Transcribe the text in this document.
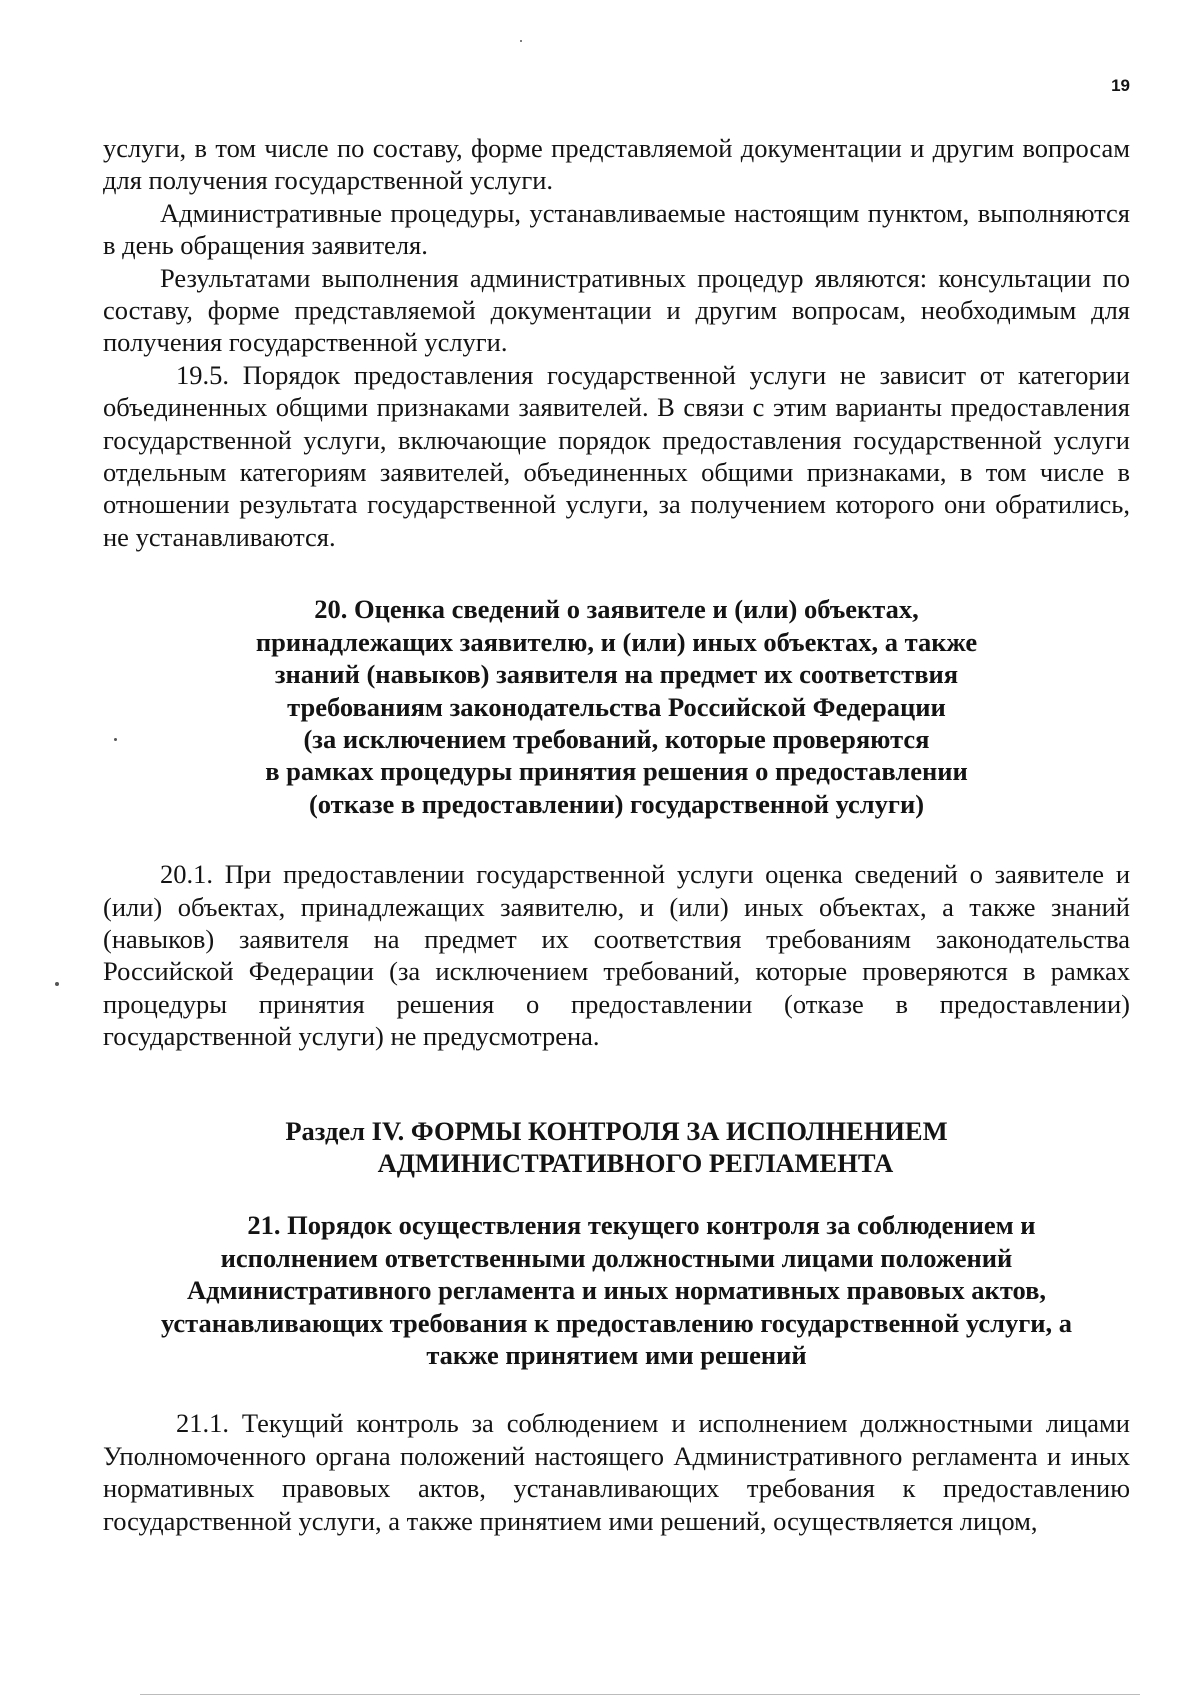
19

услуги, в том числе по составу, форме представляемой документации и другим вопросам для получения государственной услуги.

Административные процедуры, устанавливаемые настоящим пунктом, выполняются в день обращения заявителя.

Результатами выполнения административных процедур являются: консультации по составу, форме представляемой документации и другим вопросам, необходимым для получения государственной услуги.

19.5. Порядок предоставления государственной услуги не зависит от категории объединенных общими признаками заявителей. В связи с этим варианты предоставления государственной услуги, включающие порядок предоставления государственной услуги отдельным категориям заявителей, объединенных общими признаками, в том числе в отношении результата государственной услуги, за получением которого они обратились, не устанавливаются.

20. Оценка сведений о заявителе и (или) объектах,
принадлежащих заявителю, и (или) иных объектах, а также
знаний (навыков) заявителя на предмет их соответствия
требованиям законодательства Российской Федерации
(за исключением требований, которые проверяются
в рамках процедуры принятия решения о предоставлении
(отказе в предоставлении) государственной услуги)

20.1. При предоставлении государственной услуги оценка сведений о заявителе и (или) объектах, принадлежащих заявителю, и (или) иных объектах, а также знаний (навыков) заявителя на предмет их соответствия требованиям законодательства Российской Федерации (за исключением требований, которые проверяются в рамках процедуры принятия решения о предоставлении (отказе в предоставлении) государственной услуги) не предусмотрена.

Раздел IV. ФОРМЫ КОНТРОЛЯ ЗА ИСПОЛНЕНИЕМ
АДМИНИСТРАТИВНОГО РЕГЛАМЕНТА
21. Порядок осуществления текущего контроля за соблюдением и
исполнением ответственными должностными лицами положений
Административного регламента и иных нормативных правовых актов,
устанавливающих требования к предоставлению государственной услуги, а
также принятием ими решений

21.1. Текущий контроль за соблюдением и исполнением должностными лицами Уполномоченного органа положений настоящего Административного регламента и иных нормативных правовых актов, устанавливающих требования к предоставлению государственной услуги, а также принятием ими решений, осуществляется лицом,
